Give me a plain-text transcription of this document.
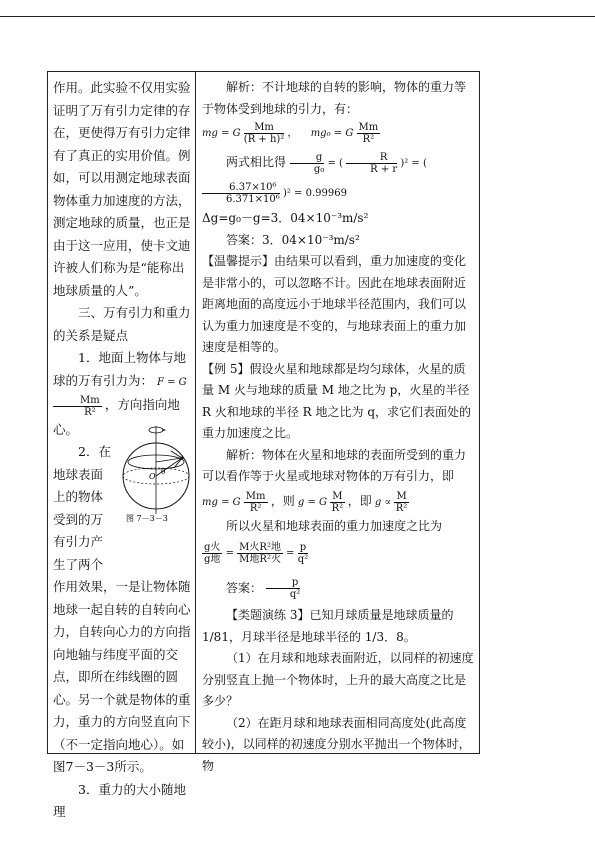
作用。此实验不仅用实验证明了万有引力定律的存在，更使得万有引力定律有了真正的实用价值。例如，可以用测定地球表面物体重力加速度的方法，测定地球的质量，也正是由于这一应用，使卡文迪许被人们称为是“能称出地球质量的人”。

三、万有引力和重力的关系是疑点

1．地面上物体与地球的万有引力为： F = G
$\frac{Mm}{\text{R²}}$ ，方向指向地心。

2．在地球表面上的物体受到的万有引力产生了两个

作用效果，一是让物体随地球一起自转的自转向心力，自转向心力的方向指向地轴与纬度平面的交点，即所在纬线圈的圆心。另一个就是物体的重力，重力的方向竖直向下（不一定指向地心）。如图7－3－3所示。

3．重力的大小随地理

O θ
图 7－3－3

解析：不计地球的自转的影响，物体的重力等于物体受到地球的引力，有：

mg = G $\frac{Mm}{\text{(R + h)²}}$ ， mg₀ = G $\frac{Mm}{\text{R²}}$

两式相比得 $\frac{g}{\text{g₀}}$ = ( $\frac{R}{R + r} )^2$ = (
$\frac{\text{6.37×10⁶}}{\text{6.371×10⁶}} )^2 = 0.99969$

Δg=g₀－g=3．04×10⁻³m/s²

答案：3．04×10⁻³m/s²

【温馨提示】由结果可以看到，重力加速度的变化是非常小的，可以忽略不计。因此在地球表面附近距离地面的高度远小于地球半径范围内，我们可以认为重力加速度是不变的，与地球表面上的重力加速度是相等的。

【例 5】假设火星和地球都是均匀球体，火星的质量 M 火与地球的质量 M 地之比为 p，火星的半径 R 火和地球的半径 R 地之比为 q，求它们表面处的重力加速度之比。

解析：物体在火星和地球的表面所受到的重力可以看作等于火星或地球对物体的万有引力，即

mg = G $\frac{Mm}{\text{R²}}$ ，则 g = G $\frac{M}{\text{R²}}$ ，即 $g \propto \frac{M}{\text{R²}}$

所以火星和地球表面的重力加速度之比为

$\frac{\text{g火}}{\text{g地}} = \frac{\text{M火R²地}}{\text{M地R²火}} = \frac{p}{\text{q²}}$

答案： $\frac{p}{\text{q²}}$

【类题演练 3】已知月球质量是地球质量的 1/81，月球半径是地球半径的 1/3．8。

（1）在月球和地球表面附近，以同样的初速度分别竖直上抛一个物体时，上升的最大高度之比是多少？

（2）在距月球和地球表面相同高度处(此高度较小)，以同样的初速度分别水平抛出一个物体时，物
